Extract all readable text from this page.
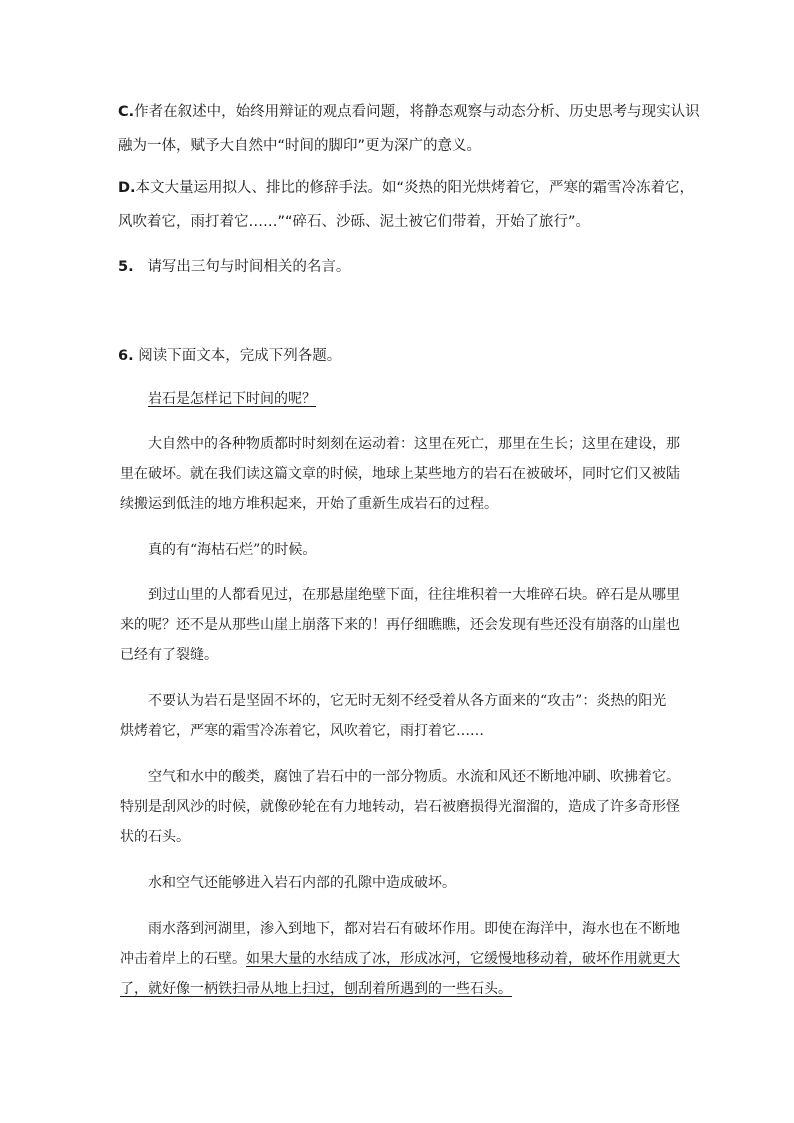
C.作者在叙述中，始终用辩证的观点看问题，将静态观察与动态分析、历史思考与现实认识
融为一体，赋予大自然中“时间的脚印”更为深广的意义。
D.本文大量运用拟人、排比的修辞手法。如“炎热的阳光烘烤着它，严寒的霜雪冷冻着它，
风吹着它，雨打着它……”“碎石、沙砾、泥土被它们带着，开始了旅行”。
5. 请写出三句与时间相关的名言。
6. 阅读下面文本，完成下列各题。
岩石是怎样记下时间的呢？
大自然中的各种物质都时时刻刻在运动着：这里在死亡，那里在生长；这里在建设，那
里在破坏。就在我们读这篇文章的时候，地球上某些地方的岩石在被破坏，同时它们又被陆
续搬运到低洼的地方堆积起来，开始了重新生成岩石的过程。
真的有“海枯石烂”的时候。
到过山里的人都看见过，在那悬崖绝壁下面，往往堆积着一大堆碎石块。碎石是从哪里
来的呢？还不是从那些山崖上崩落下来的！再仔细瞧瞧，还会发现有些还没有崩落的山崖也
已经有了裂缝。
不要认为岩石是坚固不坏的，它无时无刻不经受着从各方面来的“攻击”：炎热的阳光
烘烤着它，严寒的霜雪冷冻着它，风吹着它，雨打着它……
空气和水中的酸类，腐蚀了岩石中的一部分物质。水流和风还不断地冲刷、吹拂着它。
特别是刮风沙的时候，就像砂轮在有力地转动，岩石被磨损得光溜溜的，造成了许多奇形怪
状的石头。
水和空气还能够进入岩石内部的孔隙中造成破坏。
雨水落到河湖里，渗入到地下，都对岩石有破坏作用。即使在海洋中，海水也在不断地
冲击着岸上的石壁。如果大量的水结成了冰，形成冰河，它缓慢地移动着，破坏作用就更大
了，就好像一柄铁扫帚从地上扫过，刨刮着所遇到的一些石头。
